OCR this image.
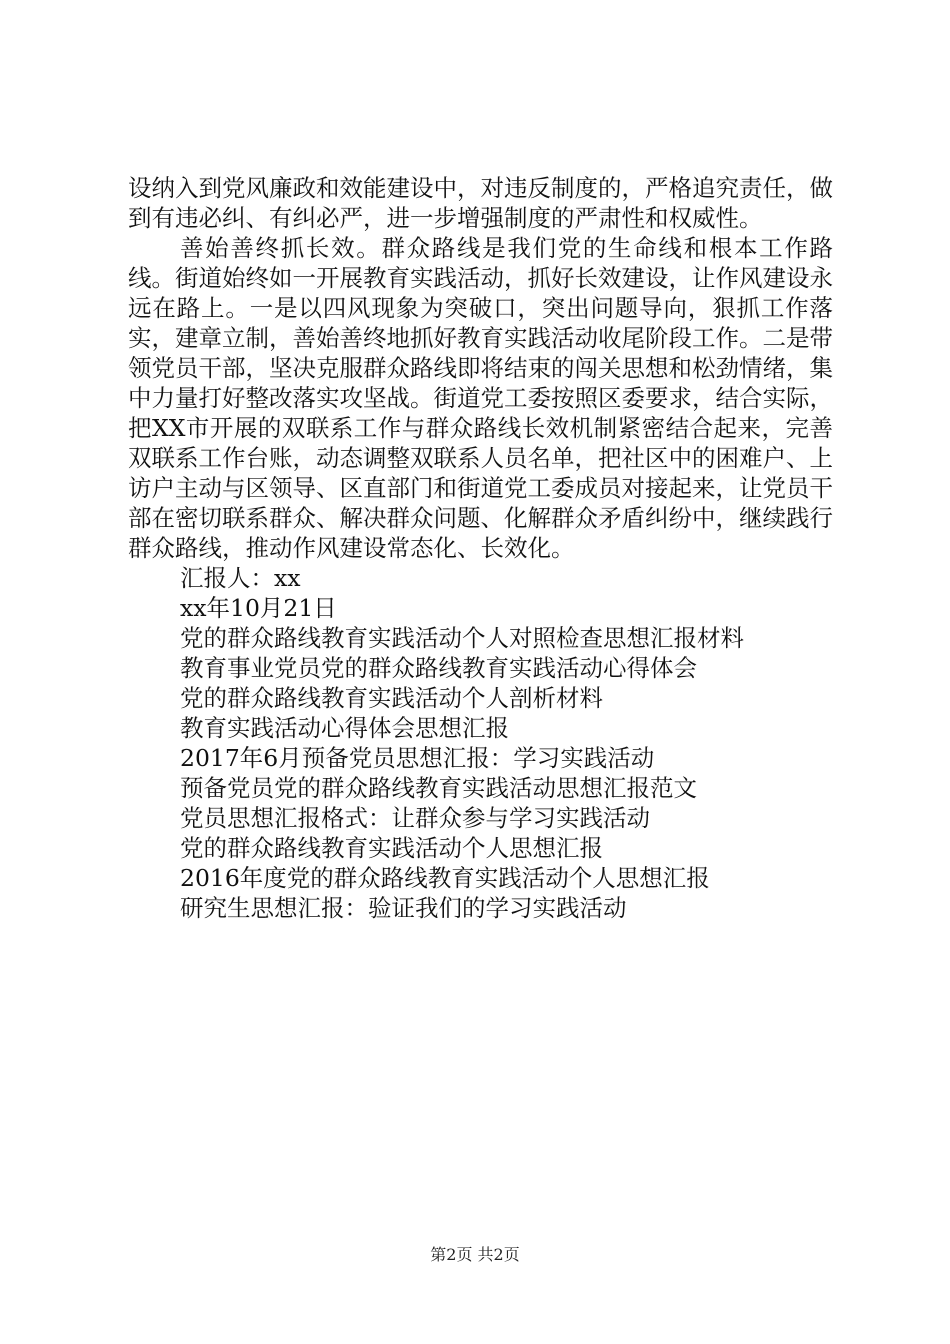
设纳入到党风廉政和效能建设中，对违反制度的，严格追究责任，做到有违必纠、有纠必严，进一步增强制度的严肃性和权威性。

善始善终抓长效。群众路线是我们党的生命线和根本工作路线。街道始终如一开展教育实践活动，抓好长效建设，让作风建设永远在路上。一是以四风现象为突破口，突出问题导向，狠抓工作落实，建章立制，善始善终地抓好教育实践活动收尾阶段工作。二是带领党员干部，坚决克服群众路线即将结束的闯关思想和松劲情绪，集中力量打好整改落实攻坚战。街道党工委按照区委要求，结合实际，把XX市开展的双联系工作与群众路线长效机制紧密结合起来，完善双联系工作台账，动态调整双联系人员名单，把社区中的困难户、上访户主动与区领导、区直部门和街道党工委成员对接起来，让党员干部在密切联系群众、解决群众问题、化解群众矛盾纠纷中，继续践行群众路线，推动作风建设常态化、长效化。

汇报人：xx

xx年10月21日

党的群众路线教育实践活动个人对照检查思想汇报材料

教育事业党员党的群众路线教育实践活动心得体会

党的群众路线教育实践活动个人剖析材料

教育实践活动心得体会思想汇报

2017年6月预备党员思想汇报：学习实践活动

预备党员党的群众路线教育实践活动思想汇报范文

党员思想汇报格式：让群众参与学习实践活动

党的群众路线教育实践活动个人思想汇报

2016年度党的群众路线教育实践活动个人思想汇报

研究生思想汇报：验证我们的学习实践活动

第2页 共2页
